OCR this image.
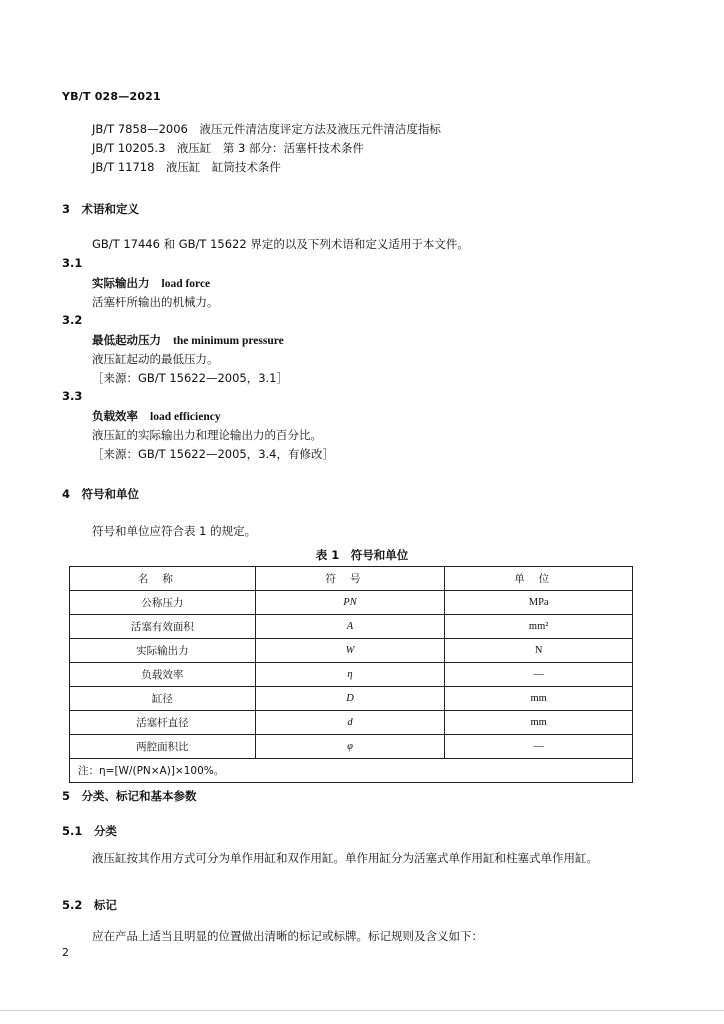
YB/T 028—2021
JB/T 7858—2006　液压元件清洁度评定方法及液压元件清洁度指标
JB/T 10205.3　液压缸　第 3 部分：活塞杆技术条件
JB/T 11718　液压缸　缸筒技术条件
3　术语和定义
GB/T 17446 和 GB/T 15622 界定的以及下列术语和定义适用于本文件。
3.1
实际输出力 load force
活塞杆所输出的机械力。
3.2
最低起动压力 the minimum pressure
液压缸起动的最低压力。
［来源：GB/T 15622—2005，3.1］
3.3
负载效率 load efficiency
液压缸的实际输出力和理论输出力的百分比。
［来源：GB/T 15622—2005，3.4，有修改］
4　符号和单位
符号和单位应符合表 1 的规定。
表 1　符号和单位
名称	符号	单位
公称压力	PN	MPa
活塞有效面积	A	mm²
实际输出力	W	N
负载效率	η	—
缸径	D	mm
活塞杆直径	d	mm
两腔面积比	φ	—
注：η=[W/(PN×A)]×100%。		
5　分类、标记和基本参数
5.1　分类
液压缸按其作用方式可分为单作用缸和双作用缸。单作用缸分为活塞式单作用缸和柱塞式单作用缸。
5.2　标记
应在产品上适当且明显的位置做出清晰的标记或标牌。标记规则及含义如下：
2
